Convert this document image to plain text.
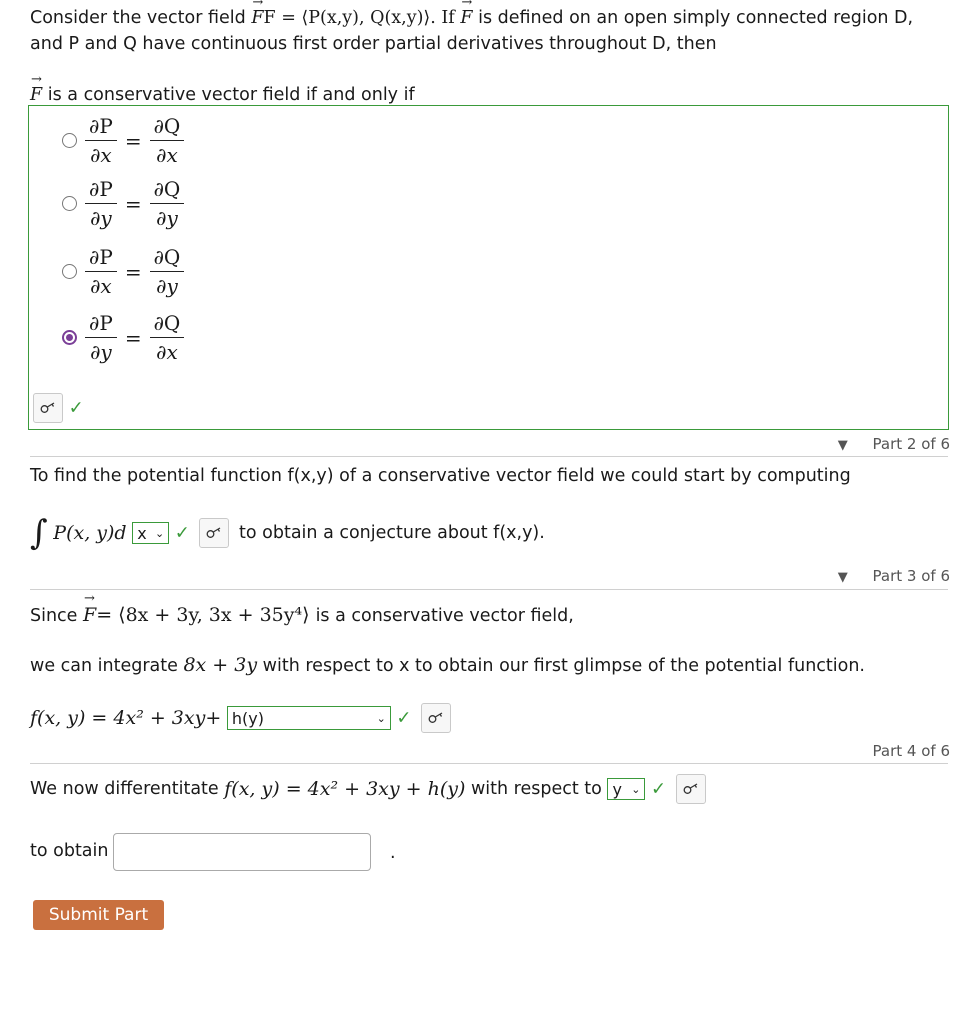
Consider the vector field → FF = ⟨P(x,y), Q(x,y)⟩. If → F is defined on an open simply connected region D,
and P and Q have continuous first order partial derivatives throughout D, then
→ F is a conservative vector field if and only if
$\frac{\partial P}{\partial x} = \frac{\partial Q}{\partial x}$
$\frac{\partial P}{\partial y} = \frac{\partial Q}{\partial y}$
$\frac{\partial P}{\partial x} = \frac{\partial Q}{\partial y}$
$\frac{\partial P}{\partial y} = \frac{\partial Q}{\partial x}$
✓
▼ Part 2 of 6
To find the potential function f(x,y) of a conservative vector field we could start by computing
∫ P(x, y)d x ⌄ ✓	to obtain a conjecture about f(x,y).
▼ Part 3 of 6
Since → F= ⟨8x + 3y, 3x + 35y⁴⟩ is a conservative vector field,
we can integrate 8x + 3y with respect to x to obtain our first glimpse of the potential function.
f(x, y) = 4x² + 3xy+ h(y)	⌄ ✓
Part 4 of 6
We now differentitate f(x, y) = 4x² + 3xy + h(y) with respect to y ⌄ ✓
to obtain	.
Submit Part
